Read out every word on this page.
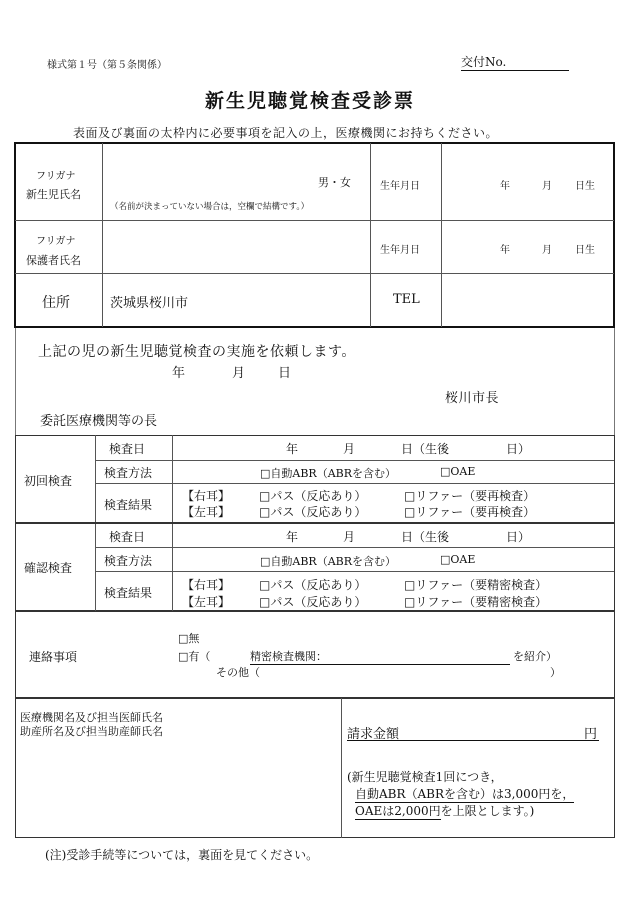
様式第１号（第５条関係）	交付No.
新生児聴覚検査受診票
表面及び裏面の太枠内に必要事項を記入の上，医療機関にお持ちください。
フリガナ
新生児氏名
男・女
（名前が決まっていない場合は，空欄で結構です。）
生年月日	年	月 日生
フリガナ
保護者氏名
生年月日	年	月 日生
住所	茨城県桜川市	TEL
上記の児の新生児聴覚検査の実施を依頼します。
年	月	日
桜川市長
委託医療機関等の長
初回検査
検査日	年	月	日（生後	日）
検査方法	□自動ABR（ABRを含む）	□OAE
検査結果
【右耳】 □パス（反応あり）	□リファー（要再検査）
【左耳】 □パス（反応あり）	□リファー（要再検査）
確認検査
検査日	年	月	日（生後	日）
検査方法	□自動ABR（ABRを含む）	□OAE
検査結果
【右耳】 □パス（反応あり）	□リファー（要精密検査）
【左耳】 □パス（反応あり）	□リファー（要精密検査）
連絡事項
□無
□有（	精密検査機関：	を紹介）
その他（	）
医療機関名及び担当医師氏名
助産所名及び担当助産師氏名	請求金額	円
(新生児聴覚検査1回につき，
自動ABR（ABRを含む）は3,000円を，
OAEは2,000円を上限とします。)
(注)受診手続等については，裏面を見てください。
